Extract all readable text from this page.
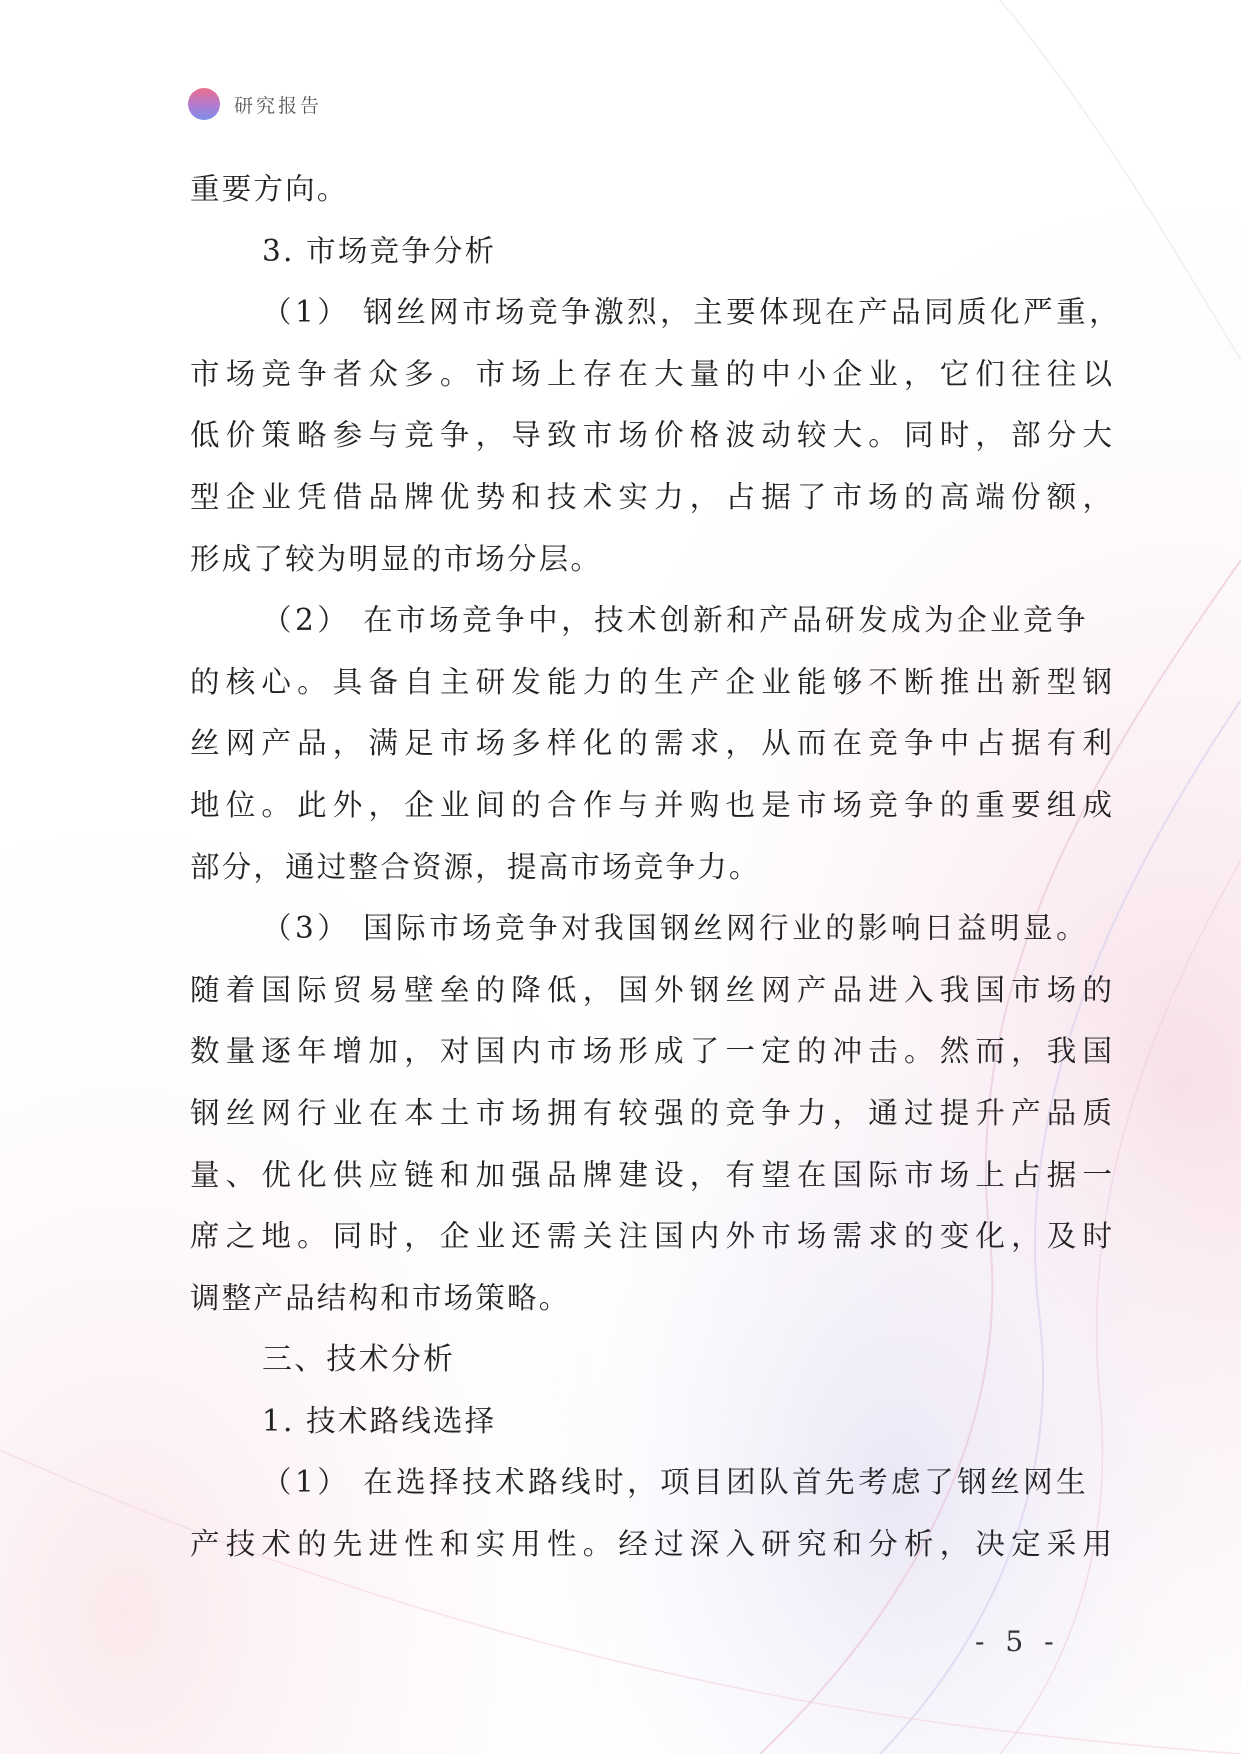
研究报告
重要方向。
3. 市场竞争分析
（1） 钢丝网市场竞争激烈，主要体现在产品同质化严重，
市场竞争者众多。市场上存在大量的中小企业，它们往往以
低价策略参与竞争，导致市场价格波动较大。同时，部分大
型企业凭借品牌优势和技术实力，占据了市场的高端份额，
形成了较为明显的市场分层。
（2） 在市场竞争中，技术创新和产品研发成为企业竞争
的核心。具备自主研发能力的生产企业能够不断推出新型钢
丝网产品，满足市场多样化的需求，从而在竞争中占据有利
地位。此外，企业间的合作与并购也是市场竞争的重要组成
部分，通过整合资源，提高市场竞争力。
（3） 国际市场竞争对我国钢丝网行业的影响日益明显。
随着国际贸易壁垒的降低，国外钢丝网产品进入我国市场的
数量逐年增加，对国内市场形成了一定的冲击。然而，我国
钢丝网行业在本土市场拥有较强的竞争力，通过提升产品质
量、优化供应链和加强品牌建设，有望在国际市场上占据一
席之地。同时，企业还需关注国内外市场需求的变化，及时
调整产品结构和市场策略。
三、技术分析
1. 技术路线选择
（1） 在选择技术路线时，项目团队首先考虑了钢丝网生
产技术的先进性和实用性。经过深入研究和分析，决定采用
- 5 -
